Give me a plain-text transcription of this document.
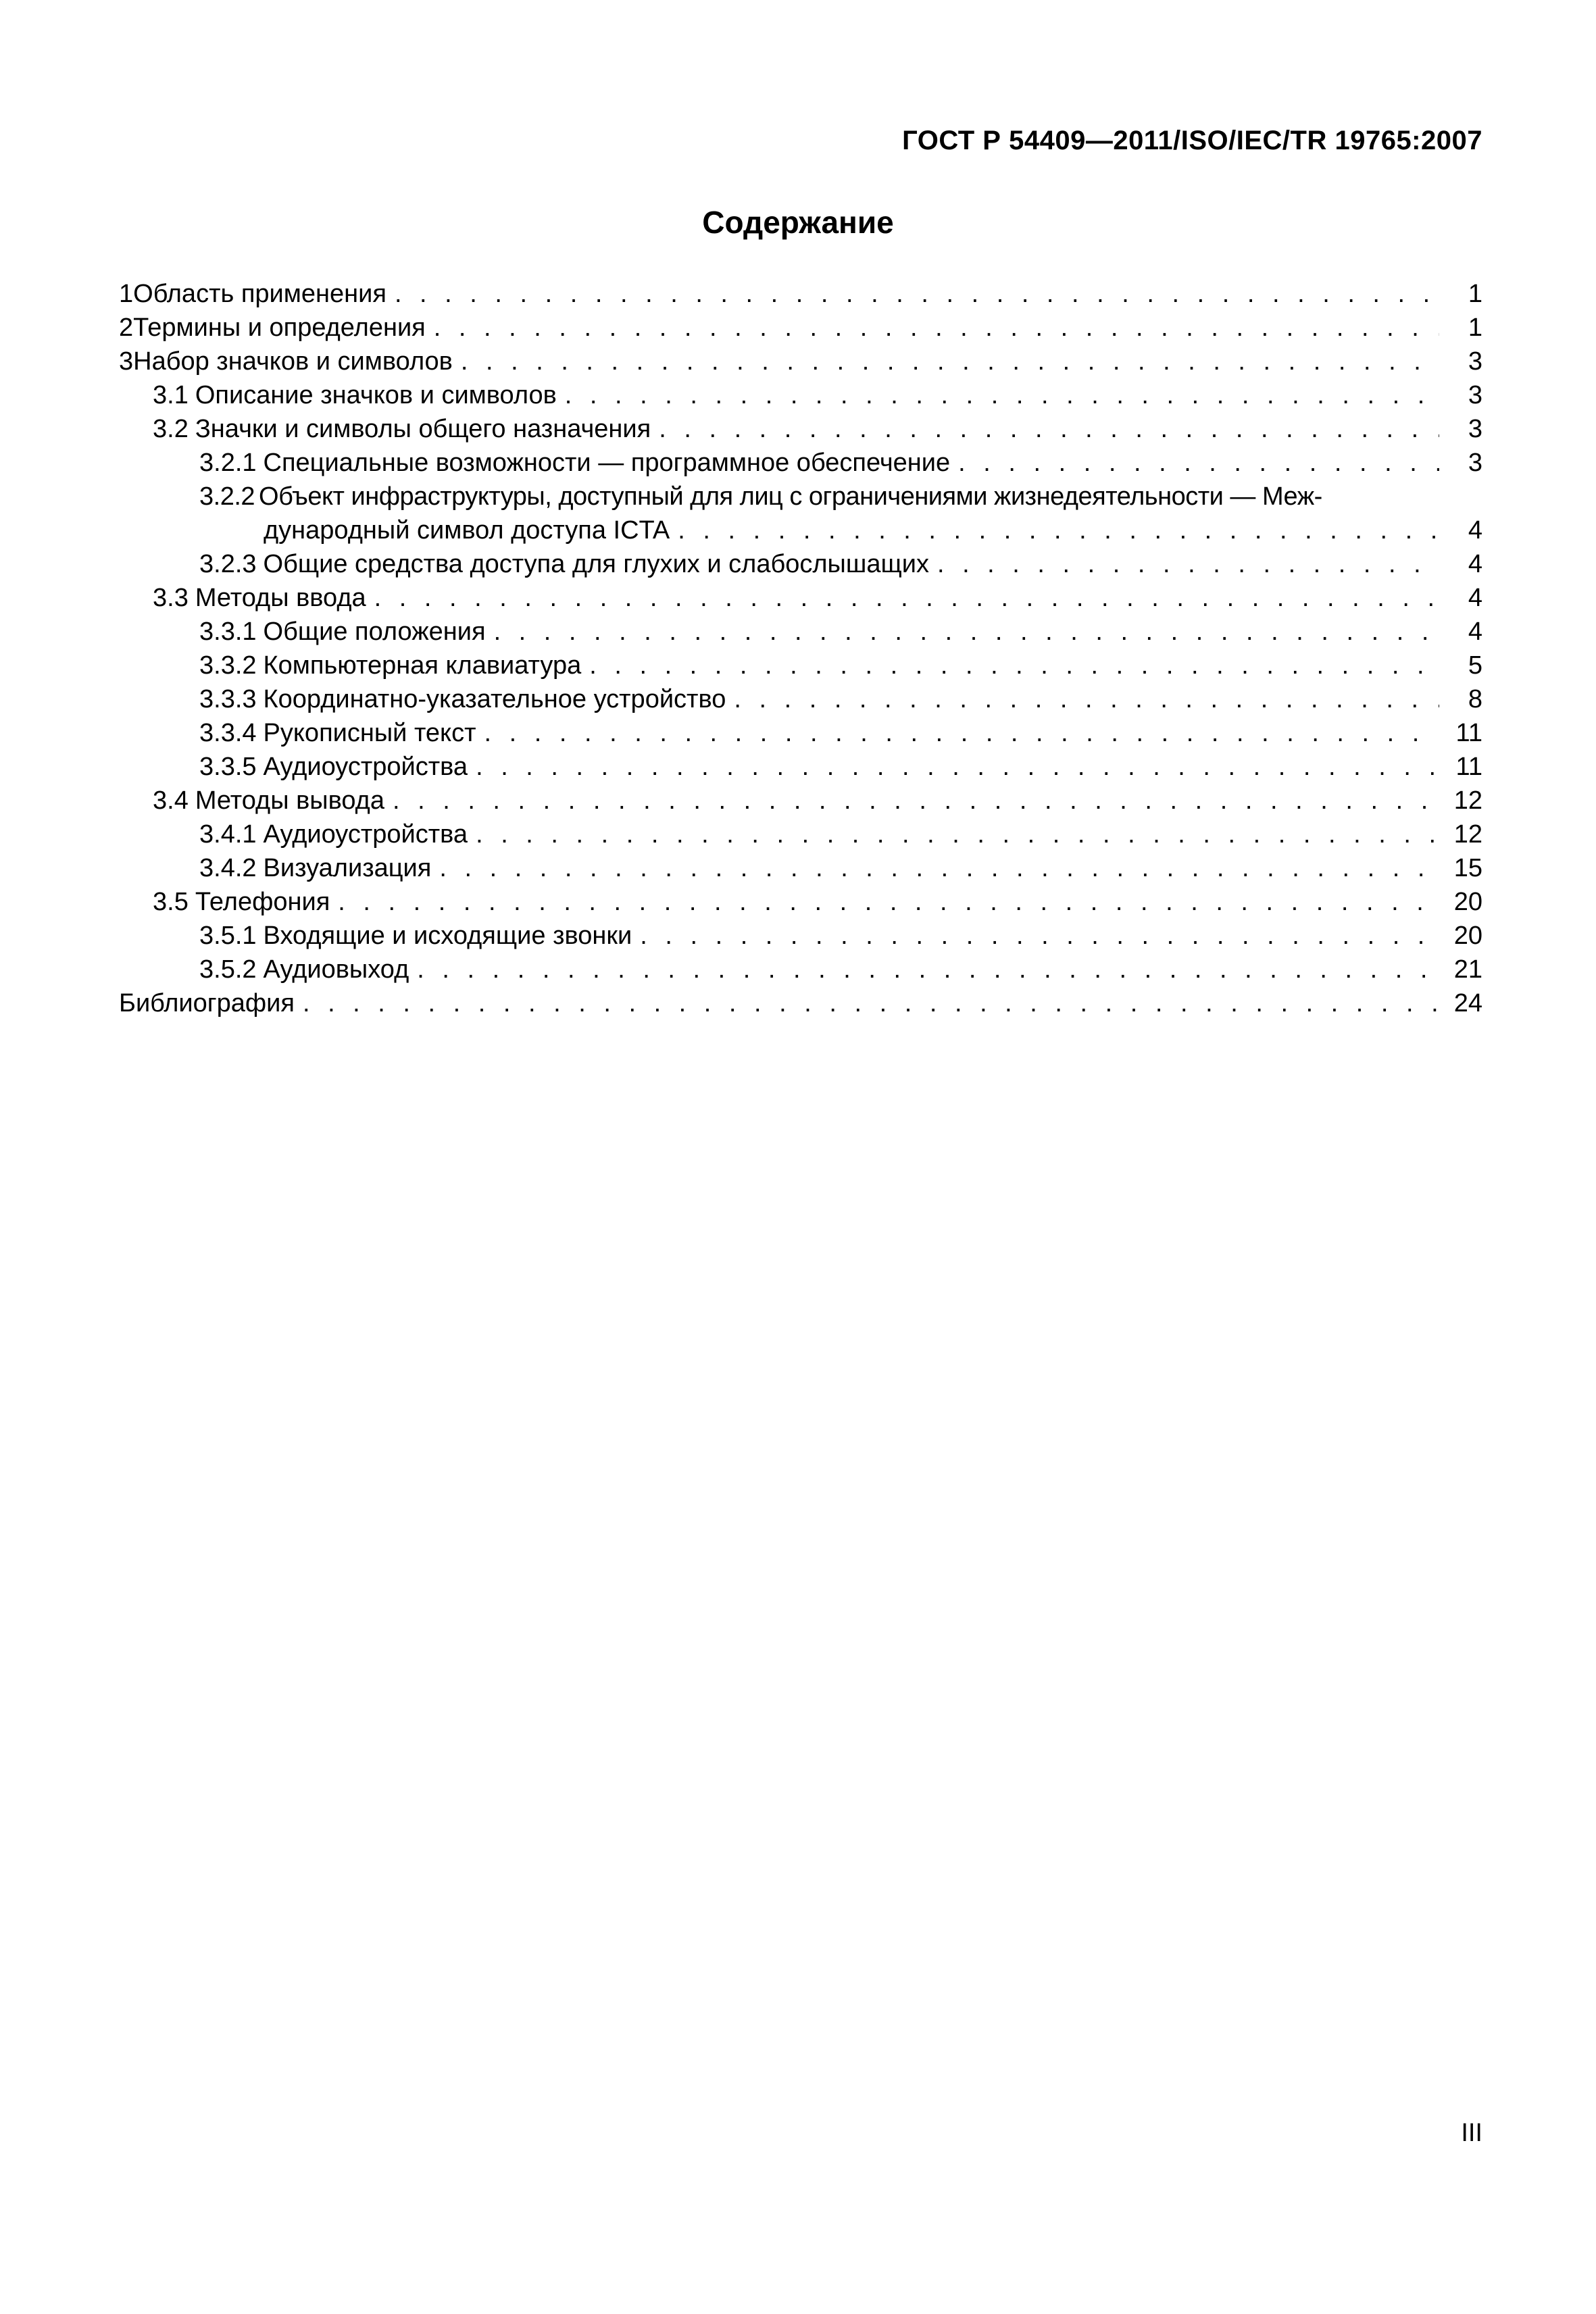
ГОСТ Р 54409—2011/ISO/IEC/TR 19765:2007
Содержание
1 Область применения . . .	1
2 Термины и определения . . .	1
3 Набор значков и символов . . .	3
3.1 Описание значков и символов . . .	3
3.2 Значки и символы общего назначения . . .	3
3.2.1 Специальные возможности — программное обеспечение . . .	3
3.2.2 Объект инфраструктуры, доступный для лиц с ограничениями жизнедеятельности — Меж-
дународный символ доступа ICTA . . .	4
3.2.3 Общие средства доступа для глухих и слабослышащих . . .	4
3.3 Методы ввода . . .	4
3.3.1 Общие положения . . .	4
3.3.2 Компьютерная клавиатура . . .	5
3.3.3 Координатно-указательное устройство . . .	8
3.3.4 Рукописный текст . . .	11
3.3.5 Аудиоустройства . . .	11
3.4 Методы вывода . . .	12
3.4.1 Аудиоустройства . . .	12
3.4.2 Визуализация . . .	15
3.5 Телефония . . .	20
3.5.1 Входящие и исходящие звонки . . .	20
3.5.2 Аудиовыход . . .	21
Библиография . . .	24
III
